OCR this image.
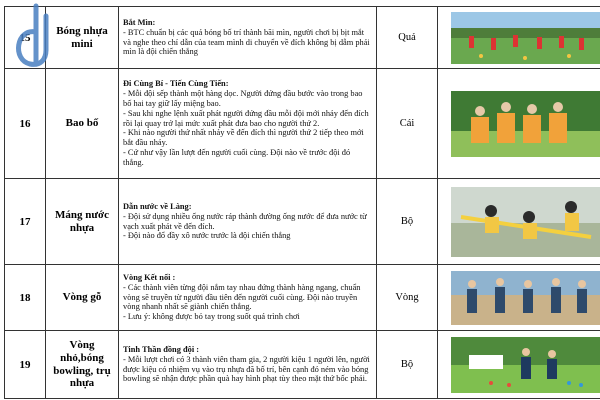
15	Bóng nhựa mini	Bắt Mìn:
- BTC chuẩn bị các quả bóng bố trí thành bãi mìn, người chơi bị bịt mắt và nghe theo chỉ dẫn của team mình di chuyển về đích không bị dẫm phải mìn là đội chiến thắng	Quả	

16	Bao bố	Đi Cùng Bí - Tiến Cùng Tiến:
- Mỗi đội sếp thành một hàng dọc. Người đứng đầu bước vào trong bao bố hai tay giữ lấy miệng bao.
- Sau khi nghe lệnh xuất phát người đứng đầu mỗi đội mới nhảy đến đích rồi lại quay trở lại mức xuất phát đưa bao cho người thứ 2.
- Khi nào người thứ nhất nhảy về đến đích thì người thứ 2 tiếp theo mới bắt đầu nhảy.
- Cứ như vậy lần lượt đến người cuối cùng. Đội nào về trước đội đó thắng.	Cái	

17	Máng nước nhựa	Dẫn nước về Làng:
- Đội sử dụng nhiều ống nước ráp thành đường ống nước để đưa nước từ vạch xuất phát về đến đích.
- Đội nào đổ đầy xô nước trước là đội chiến thắng	Bộ	

18	Vòng gỗ	Vòng Kết nối :
- Các thành viên từng đội nắm tay nhau đứng thành hàng ngang, chuẩn vòng sẽ truyền từ người đầu tiên đến người cuối cùng. Đội nào truyền vòng nhanh nhất sẽ giành chiến thắng.
- Lưu ý: không được bỏ tay trong suốt quá trình chơi	Vòng	

19	Vòng nhỏ,bóng bowling, trụ nhựa	Tinh Thần đồng đội :
- Mỗi lượt chơi có 3 thành viên tham gia, 2 người kiệu 1 người lên, người được kiệu có nhiệm vụ vào trụ nhựa đã bố trí, bên cạnh đó ném vào bóng bowling sẽ nhận được phần quà hay hình phạt tùy theo mặt thứ bốc phải.	Bộ	
